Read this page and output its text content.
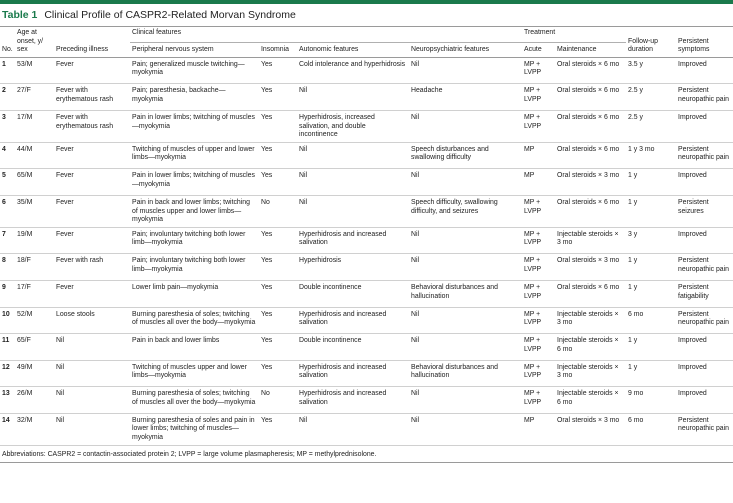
Table 1 Clinical Profile of CASPR2-Related Morvan Syndrome
No.	Age at onset, y/ sex	Preceding illness	Clinical features				Treatment		Follow-up duration	Persistent symptoms
			Peripheral nervous system	Insomnia	Autonomic features	Neuropsychiatric features	Acute	Maintenance		
1	53/M	Fever	Pain; generalized muscle twitching—myokymia	Yes	Cold intolerance and hyperhidrosis	Nil	MP + LVPP	Oral steroids × 6 mo	3.5 y	Improved
2	27/F	Fever with erythematous rash	Pain; paresthesia, backache—myokymia	Yes	Nil	Headache	MP + LVPP	Oral steroids × 6 mo	2.5 y	Persistent neuropathic pain
3	17/M	Fever with erythematous rash	Pain in lower limbs; twitching of muscles—myokymia	Yes	Hyperhidrosis, increased salivation, and double incontinence	Nil	MP + LVPP	Oral steroids × 6 mo	2.5 y	Improved
4	44/M	Fever	Twitching of muscles of upper and lower limbs—myokymia	Yes	Nil	Speech disturbances and swallowing difficulty	MP	Oral steroids × 6 mo	1 y 3 mo	Persistent neuropathic pain
5	65/M	Fever	Pain in lower limbs; twitching of muscles—myokymia	Yes	Nil	Nil	MP	Oral steroids × 3 mo	1 y	Improved
6	35/M	Fever	Pain in back and lower limbs; twitching of muscles upper and lower limbs—myokymia	No	Nil	Speech difficulty, swallowing difficulty, and seizures	MP + LVPP	Oral steroids × 6 mo	1 y	Persistent seizures
7	19/M	Fever	Pain; involuntary twitching both lower limb—myokymia	Yes	Hyperhidrosis and increased salivation	Nil	MP + LVPP	Injectable steroids × 3 mo	3 y	Improved
8	18/F	Fever with rash	Pain; involuntary twitching both lower limb—myokymia	Yes	Hyperhidrosis	Nil	MP + LVPP	Oral steroids × 3 mo	1 y	Persistent neuropathic pain
9	17/F	Fever	Lower limb pain—myokymia	Yes	Double incontinence	Behavioral disturbances and hallucination	MP + LVPP	Oral steroids × 6 mo	1 y	Persistent fatigability
10	52/M	Loose stools	Burning paresthesia of soles; twitching of muscles all over the body—myokymia	Yes	Hyperhidrosis and increased salivation	Nil	MP + LVPP	Injectable steroids × 3 mo	6 mo	Persistent neuropathic pain
11	65/F	Nil	Pain in back and lower limbs	Yes	Double incontinence	Nil	MP + LVPP	Injectable steroids × 6 mo	1 y	Improved
12	49/M	Nil	Twitching of muscles upper and lower limbs—myokymia	Yes	Hyperhidrosis and increased salivation	Behavioral disturbances and hallucination	MP + LVPP	Injectable steroids × 3 mo	1 y	Improved
13	26/M	Nil	Burning paresthesia of soles; twitching of muscles all over the body—myokymia	No	Hyperhidrosis and increased salivation	Nil	MP + LVPP	Injectable steroids × 6 mo	9 mo	Improved
14	32/M	Nil	Burning paresthesia of soles and pain in lower limbs; twitching of muscles—myokymia	Yes	Nil	Nil	MP	Oral steroids × 3 mo	6 mo	Persistent neuropathic pain
Abbreviations: CASPR2 = contactin-associated protein 2; LVPP = large volume plasmapheresis; MP = methylprednisolone.
